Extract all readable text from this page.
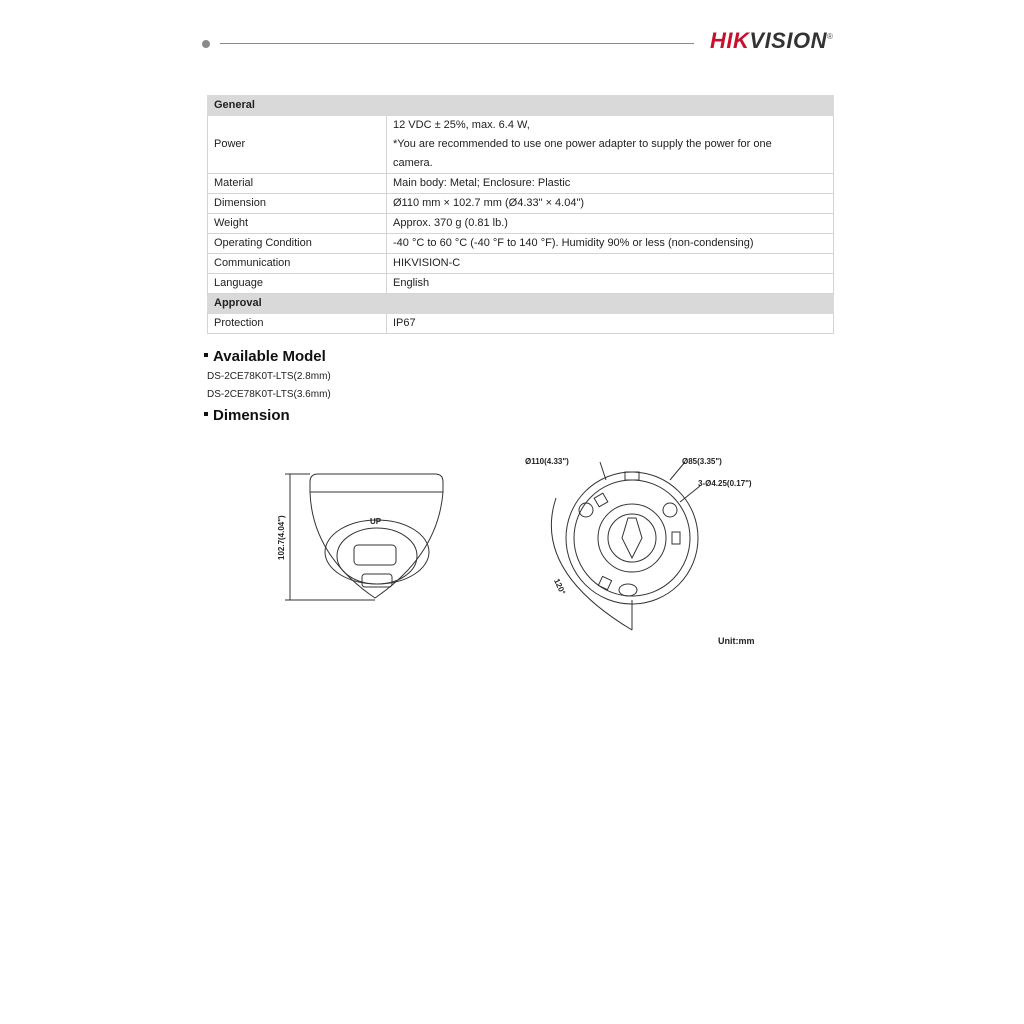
HIKVISION®
General	
Power	12 VDC ± 25%, max. 6.4 W,
*You are recommended to use one power adapter to supply the power for one
camera.

Material	Main body: Metal; Enclosure: Plastic
Dimension	Ø110 mm × 102.7 mm (Ø4.33" × 4.04")
Weight	Approx. 370 g (0.81 lb.)
Operating Condition	-40 °C to 60 °C (-40 °F to 140 °F). Humidity 90% or less (non-condensing)
Communication	HIKVISION-C
Language	English
Approval	
Protection	IP67
Available Model
DS-2CE78K0T-LTS(2.8mm)
DS-2CE78K0T-LTS(3.6mm)
Dimension
102.7(4.04")	UP
Ø110(4.33")	Ø85(3.35")
3-Ø4.25(0.17")
120°
Unit:mm
